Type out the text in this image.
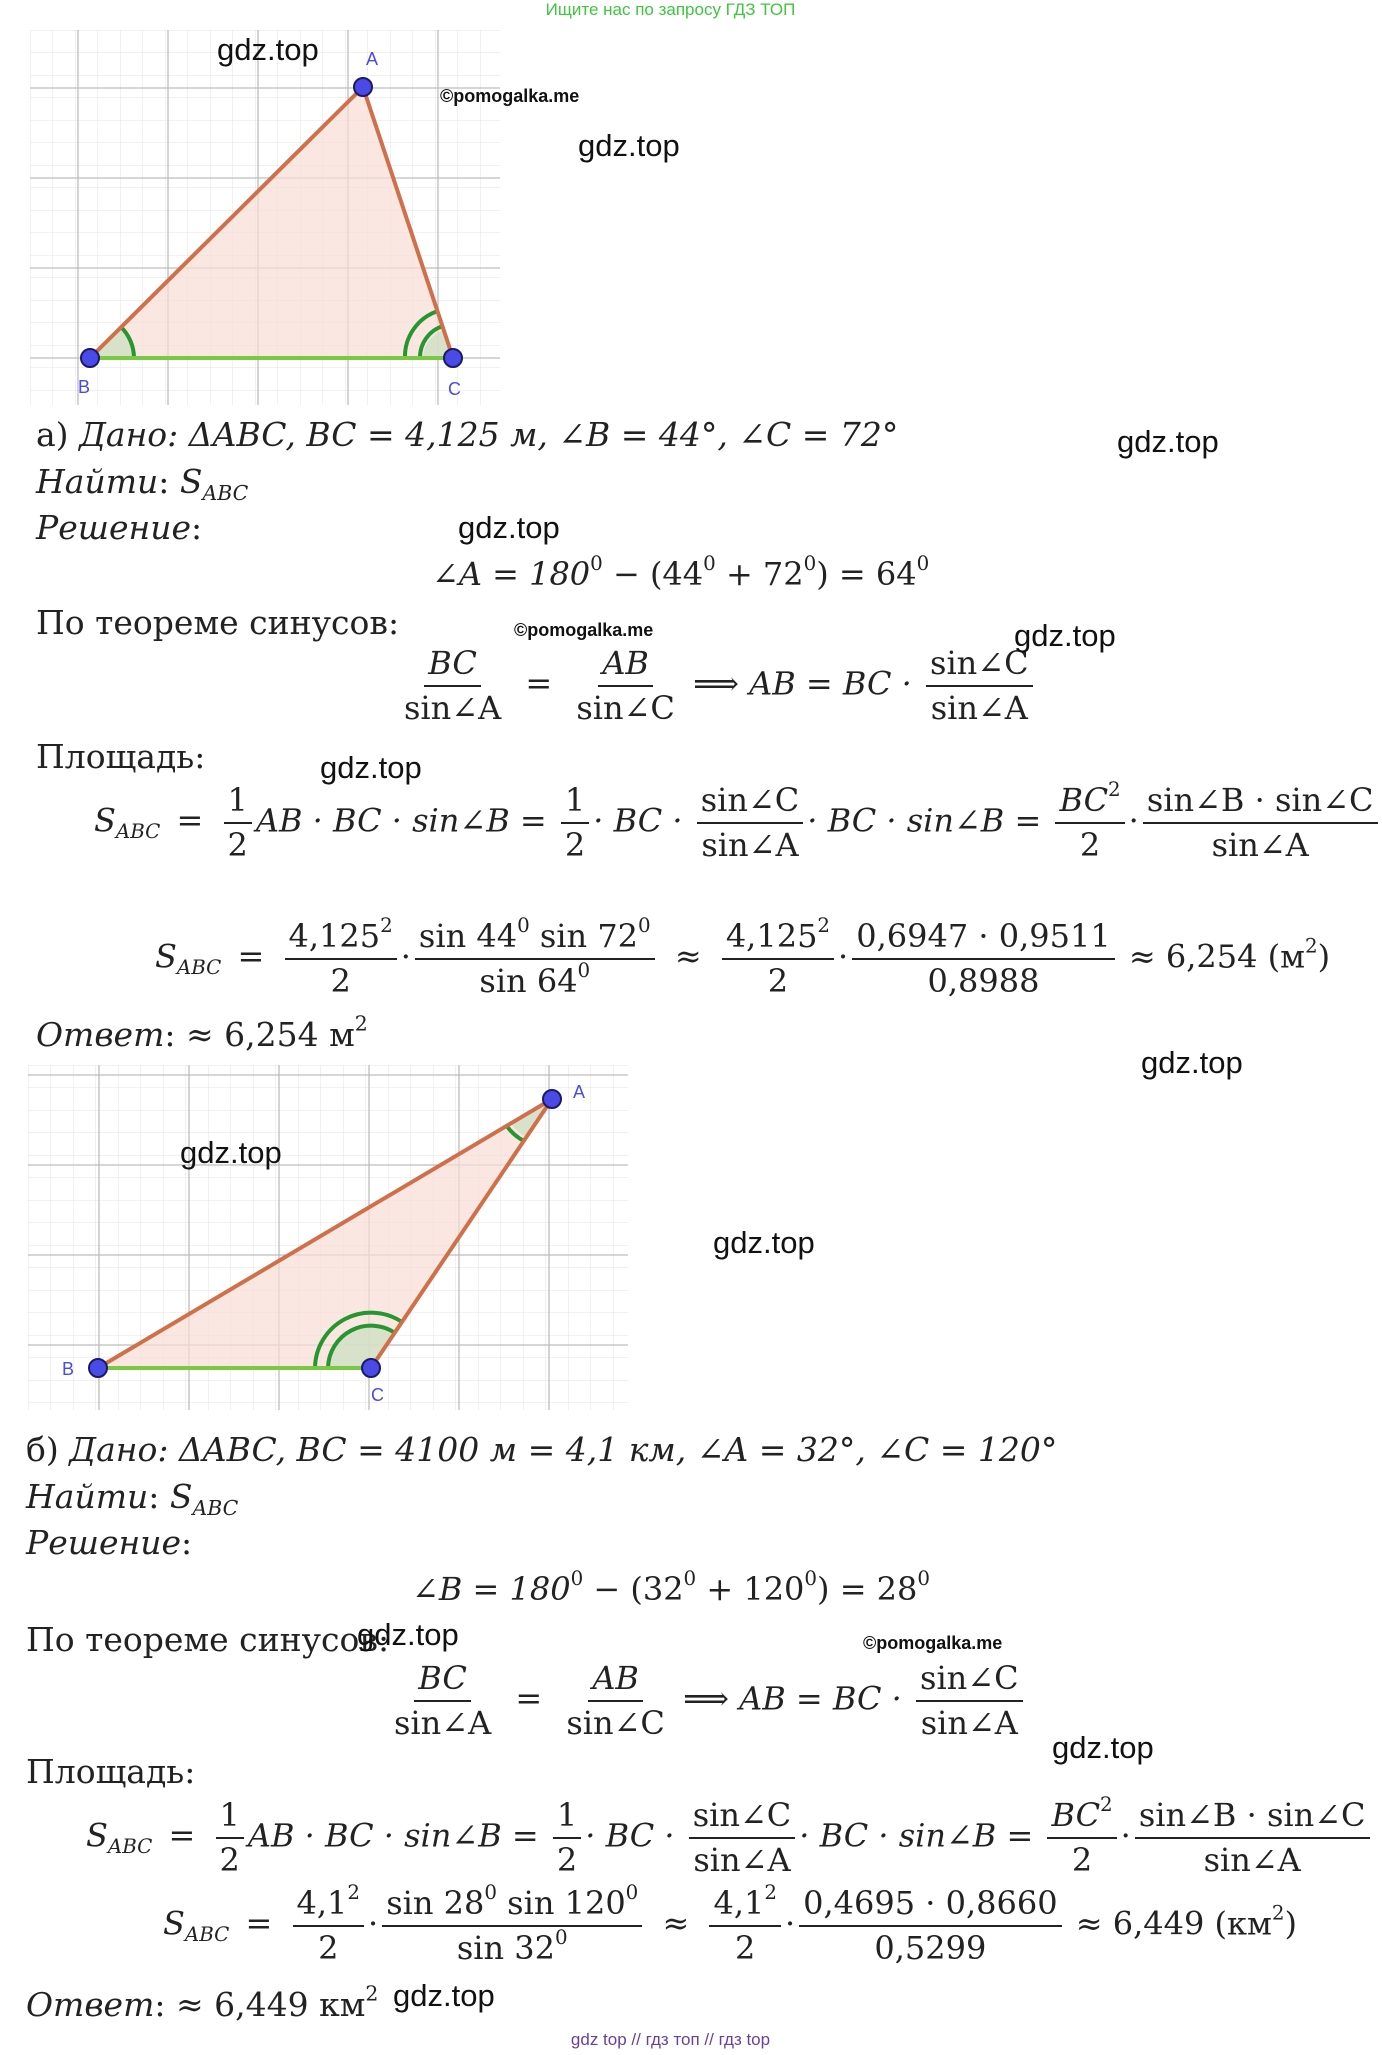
Ищите нас по запросу ГДЗ ТОП
A
B	C
а) Дано: ΔABC, BC = 4,125 м, ∠B = 44°, ∠C = 72°
Найти: $S_{ABC}$
Решение:
∠A = $180^0 - (44^0 + 72^0) = 64^0$
По теореме синусов:
$\frac{BC}{\sin\angle A} = \frac{AB}{\sin\angle C}$ ⟹ AB = BC · $\frac{\sin\angle C}{\sin\angle A}$
Площадь:
$S_{ABC} = \frac{1}{2}$ AB · BC · sin∠B = $\frac{1}{2}$ · BC · $\frac{\sin\angle C}{\sin\angle A}$ · BC · sin∠B = $\frac{BC^2}{2} \cdot \frac{\sin\angle B \cdot \sin\angle C}{\sin\angle A}$
$S_{ABC} = \frac{4,125^2}{2} \cdot \frac{\sin 44^0 \sin 72^0}{\sin 64^0} \approx \frac{4,125^2}{2} \cdot \frac{0,6947 \cdot 0,9511}{0,8988} \approx 6,254$ $(м^2)$
Ответ: ≈ 6,254 $м^2$
A
B
C
б) Дано: ΔABC, BC = 4100 м = 4,1 км, ∠A = 32°, ∠C = 120°
Найти: $S_{ABC}$
Решение:
∠B = $180^0 - (32^0 + 120^0) = 28^0$
По теореме синусов:
$\frac{BC}{\sin\angle A} = \frac{AB}{\sin\angle C}$ ⟹ AB = BC · $\frac{\sin\angle C}{\sin\angle A}$
Площадь:
$S_{ABC} = \frac{1}{2}$ AB · BC · sin∠B = $\frac{1}{2}$ · BC · $\frac{\sin\angle C}{\sin\angle A}$ · BC · sin∠B = $\frac{BC^2}{2} \cdot \frac{\sin\angle B \cdot \sin\angle C}{\sin\angle A}$
$S_{ABC} = \frac{4,1^2}{2} \cdot \frac{\sin 28^0 \sin 120^0}{\sin 32^0} \approx \frac{4,1^2}{2} \cdot \frac{0,4695 \cdot 0,8660}{0,5299} \approx 6,449$ $(км^2)$
Ответ: ≈ 6,449 $км^2$
gdz.top
©pomogalka.me
gdz.top
gdz.top
gdz.top
©pomogalka.me	gdz.top
gdz.top
gdz.top
gdz.top
gdz.top
gdz.top	©pomogalka.me
gdz.top
gdz.top
gdz top // гдз топ // гдз top
